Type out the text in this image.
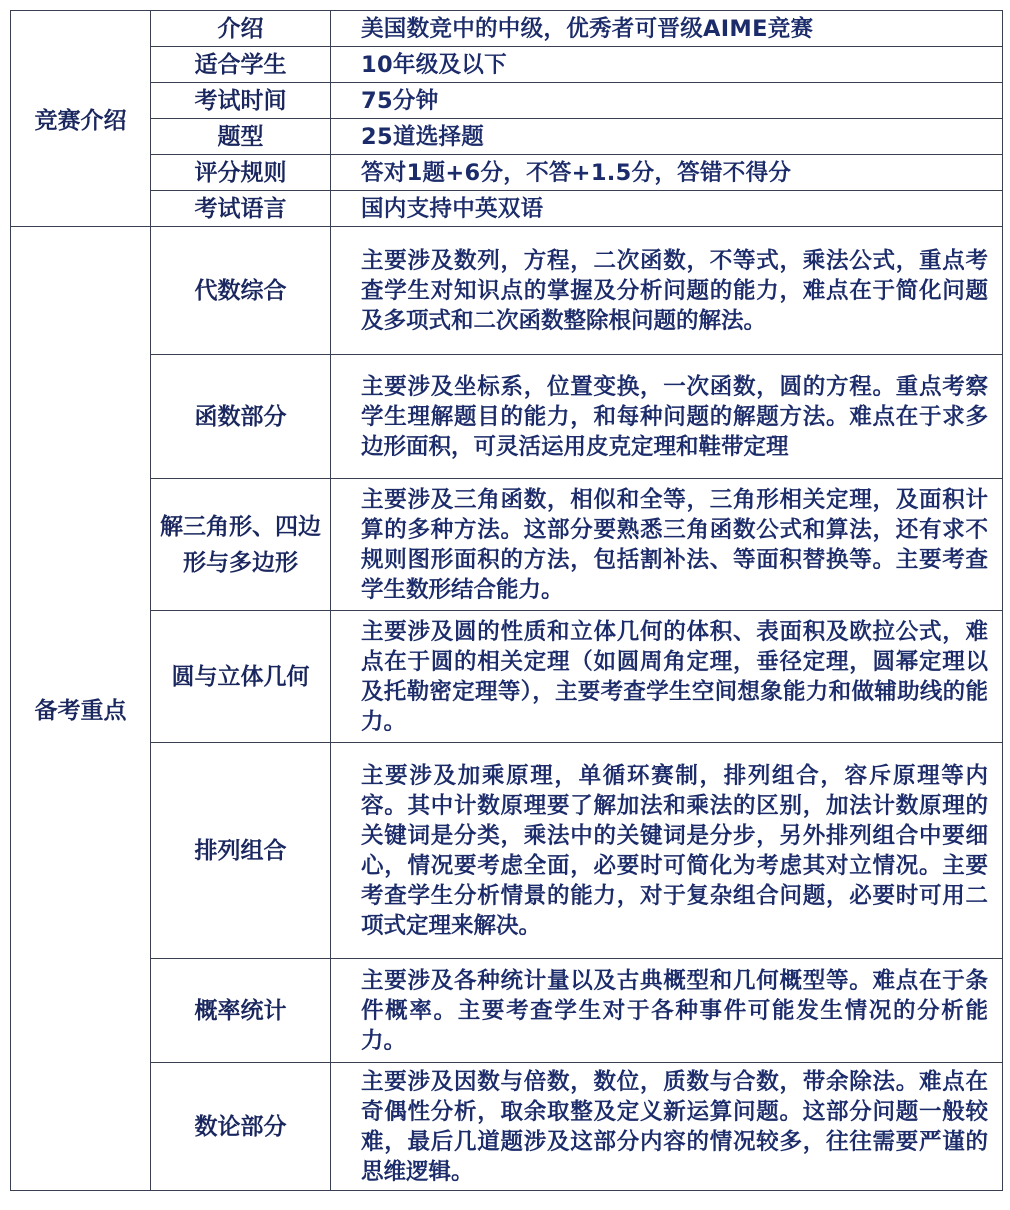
竞赛介绍	介绍	美国数竞中的中级，优秀者可晋级AIME竞赛
	适合学生	10年级及以下
	考试时间	75分钟
	题型	25道选择题
	评分规则	答对1题+6分，不答+1.5分，答错不得分
	考试语言	国内支持中英双语
备考重点	代数综合	主要涉及数列，方程，二次函数，不等式，乘法公式，重点考查学生对知识点的掌握及分析问题的能力，难点在于简化问题及多项式和二次函数整除根问题的解法。
	函数部分	主要涉及坐标系，位置变换，一次函数，圆的方程。重点考察学生理解题目的能力，和每种问题的解题方法。难点在于求多边形面积，可灵活运用皮克定理和鞋带定理
	解三角形、四边形与多边形	主要涉及三角函数，相似和全等，三角形相关定理，及面积计算的多种方法。这部分要熟悉三角函数公式和算法，还有求不规则图形面积的方法，包括割补法、等面积替换等。主要考查学生数形结合能力。
	圆与立体几何	主要涉及圆的性质和立体几何的体积、表面积及欧拉公式，难点在于圆的相关定理（如圆周角定理，垂径定理，圆幂定理以及托勒密定理等），主要考查学生空间想象能力和做辅助线的能力。
	排列组合	主要涉及加乘原理，单循环赛制，排列组合，容斥原理等内容。其中计数原理要了解加法和乘法的区别，加法计数原理的关键词是分类，乘法中的关键词是分步，另外排列组合中要细心，情况要考虑全面，必要时可简化为考虑其对立情况。主要考查学生分析情景的能力，对于复杂组合问题，必要时可用二项式定理来解决。
	概率统计	主要涉及各种统计量以及古典概型和几何概型等。难点在于条件概率。主要考查学生对于各种事件可能发生情况的分析能力。
	数论部分	主要涉及因数与倍数，数位，质数与合数，带余除法。难点在奇偶性分析，取余取整及定义新运算问题。这部分问题一般较难，最后几道题涉及这部分内容的情况较多，往往需要严谨的思维逻辑。
